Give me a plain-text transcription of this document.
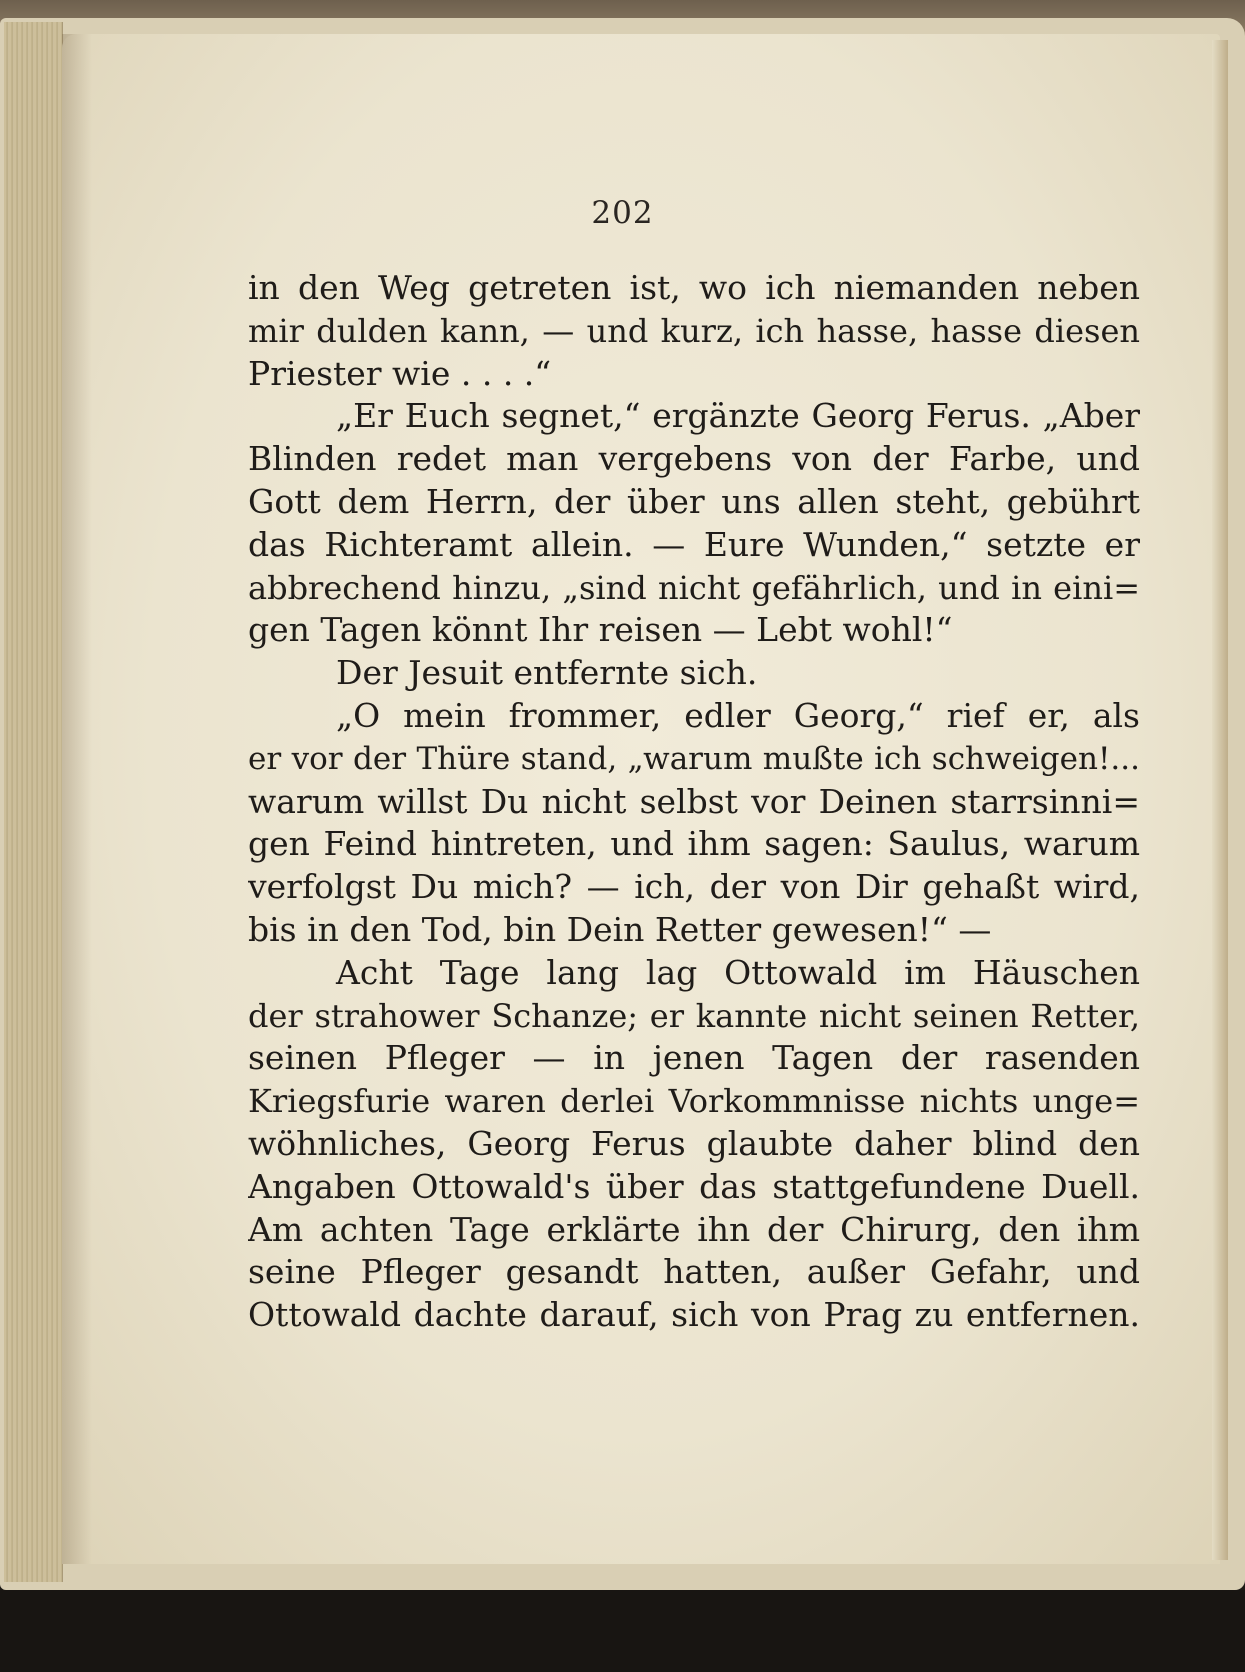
202
in den Weg getreten ist, wo ich niemanden neben
mir dulden kann, — und kurz, ich hasse, hasse diesen
Priester wie . . . .“
„Er Euch segnet,“ ergänzte Georg Ferus. „Aber
Blinden redet man vergebens von der Farbe, und
Gott dem Herrn, der über uns allen steht, gebührt
das Richteramt allein. — Eure Wunden,“ setzte er
abbrechend hinzu, „sind nicht gefährlich, und in eini=
gen Tagen könnt Ihr reisen — Lebt wohl!“
Der Jesuit entfernte sich.
„O mein frommer, edler Georg,“ rief er, als
er vor der Thüre stand, „warum mußte ich schweigen!...
warum willst Du nicht selbst vor Deinen starrsinni=
gen Feind hintreten, und ihm sagen: Saulus, warum
verfolgst Du mich? — ich, der von Dir gehaßt wird,
bis in den Tod, bin Dein Retter gewesen!“ —
Acht Tage lang lag Ottowald im Häuschen
der strahower Schanze; er kannte nicht seinen Retter,
seinen Pfleger — in jenen Tagen der rasenden
Kriegsfurie waren derlei Vorkommnisse nichts unge=
wöhnliches, Georg Ferus glaubte daher blind den
Angaben Ottowald's über das stattgefundene Duell.
Am achten Tage erklärte ihn der Chirurg, den ihm
seine Pfleger gesandt hatten, außer Gefahr, und
Ottowald dachte darauf, sich von Prag zu entfernen.
